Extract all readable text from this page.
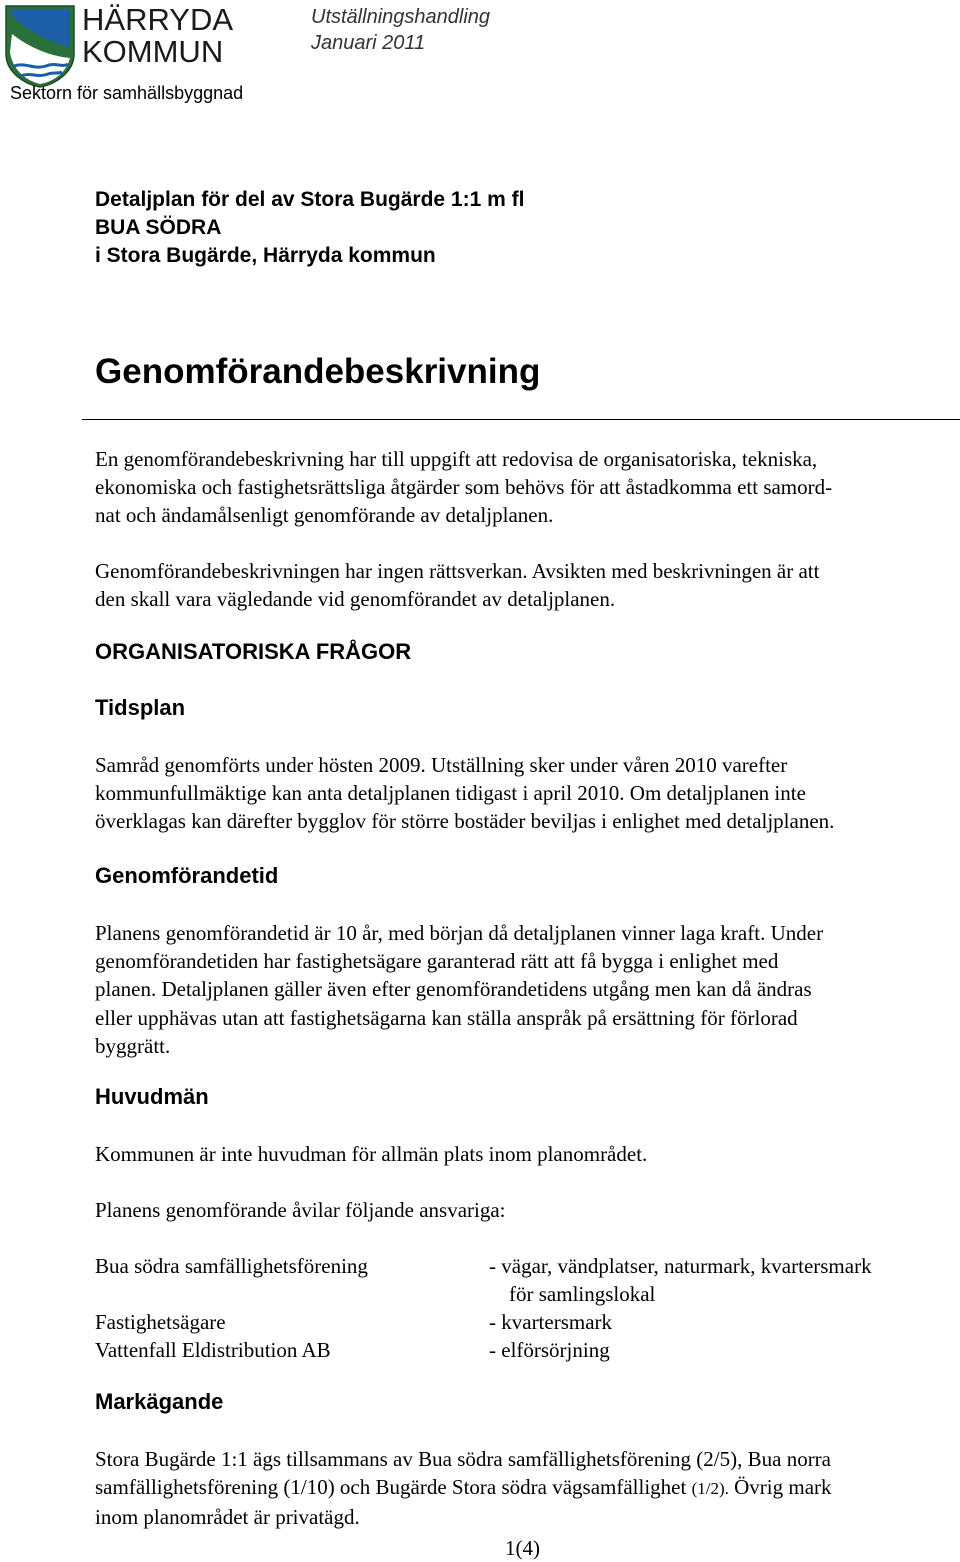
HÄRRYDA
KOMMUN
Sektorn för samhällsbyggnad
Utställningshandling
Januari 2011
Detaljplan för del av Stora Bugärde 1:1 m fl
BUA SÖDRA
i Stora Bugärde, Härryda kommun
Genomförandebeskrivning
En genomförandebeskrivning har till uppgift att redovisa de organisatoriska, tekniska,
ekonomiska och fastighetsrättsliga åtgärder som behövs för att åstadkomma ett samord-
nat och ändamålsenligt genomförande av detaljplanen.
Genomförandebeskrivningen har ingen rättsverkan. Avsikten med beskrivningen är att
den skall vara vägledande vid genomförandet av detaljplanen.
ORGANISATORISKA FRÅGOR
Tidsplan
Samråd genomförts under hösten 2009. Utställning sker under våren 2010 varefter
kommunfullmäktige kan anta detaljplanen tidigast i april 2010. Om detaljplanen inte
överklagas kan därefter bygglov för större bostäder beviljas i enlighet med detaljplanen.
Genomförandetid
Planens genomförandetid är 10 år, med början då detaljplanen vinner laga kraft. Under
genomförandetiden har fastighetsägare garanterad rätt att få bygga i enlighet med
planen. Detaljplanen gäller även efter genomförandetidens utgång men kan då ändras
eller upphävas utan att fastighetsägarna kan ställa anspråk på ersättning för förlorad
byggrätt.
Huvudmän
Kommunen är inte huvudman för allmän plats inom planområdet.
Planens genomförande åvilar följande ansvariga:
Bua södra samfällighetsförening	- vägar, vändplatser, naturmark, kvartersmark
för samlingslokal
Fastighetsägare	- kvartersmark
Vattenfall Eldistribution AB	- elförsörjning
Markägande
Stora Bugärde 1:1 ägs tillsammans av Bua södra samfällighetsförening (2/5), Bua norra
samfällighetsförening (1/10) och Bugärde Stora södra vägsamfällighet (1/2). Övrig mark
inom planområdet är privatägd.
1(4)
